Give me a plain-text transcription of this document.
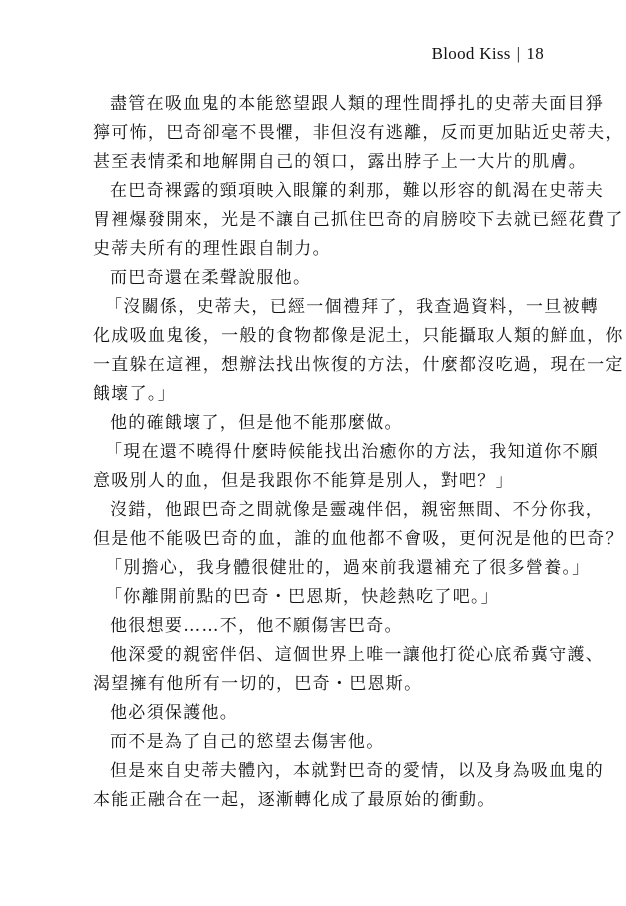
Blood Kiss | 18

盡管在吸血鬼的本能慾望跟人類的理性間掙扎的史蒂夫面目猙

獰可怖，巴奇卻毫不畏懼，非但沒有逃離，反而更加貼近史蒂夫，

甚至表情柔和地解開自己的領口，露出脖子上一大片的肌膚。

在巴奇裸露的頸項映入眼簾的剎那，難以形容的飢渴在史蒂夫

胃裡爆發開來，光是不讓自己抓住巴奇的肩膀咬下去就已經花費了

史蒂夫所有的理性跟自制力。

而巴奇還在柔聲說服他。

「沒關係，史蒂夫，已經一個禮拜了，我查過資料，一旦被轉

化成吸血鬼後，一般的食物都像是泥土，只能攝取人類的鮮血，你

一直躲在這裡，想辦法找出恢復的方法，什麼都沒吃過，現在一定

餓壞了。」

他的確餓壞了，但是他不能那麼做。

「現在還不曉得什麼時候能找出治癒你的方法，我知道你不願

意吸別人的血，但是我跟你不能算是別人，對吧？」

沒錯，他跟巴奇之間就像是靈魂伴侶，親密無間、不分你我，

但是他不能吸巴奇的血，誰的血他都不會吸，更何況是他的巴奇？

「別擔心，我身體很健壯的，過來前我還補充了很多營養。」

「你離開前點的巴奇・巴恩斯，快趁熱吃了吧。」

他很想要……不，他不願傷害巴奇。

他深愛的親密伴侶、這個世界上唯一讓他打從心底希冀守護、

渴望擁有他所有一切的，巴奇・巴恩斯。

他必須保護他。

而不是為了自己的慾望去傷害他。

但是來自史蒂夫體內，本就對巴奇的愛情，以及身為吸血鬼的

本能正融合在一起，逐漸轉化成了最原始的衝動。
